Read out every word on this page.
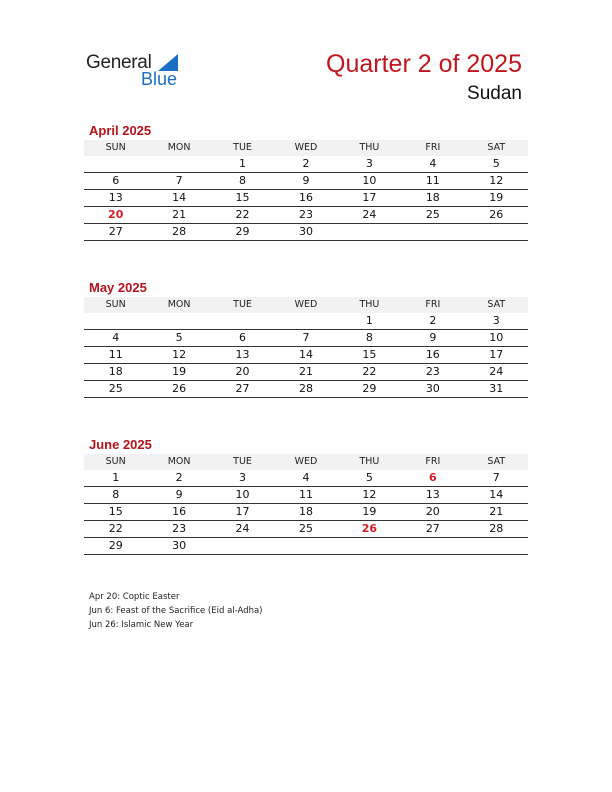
General
Blue
Quarter 2 of 2025
Sudan
April 2025
SUN	MON	TUE	WED	THU	FRI	SAT
		1	2	3	4	5
6	7	8	9	10	11	12
13	14	15	16	17	18	19
20	21	22	23	24	25	26
27	28	29	30			
May 2025
SUN	MON	TUE	WED	THU	FRI	SAT
				1	2	3
4	5	6	7	8	9	10
11	12	13	14	15	16	17
18	19	20	21	22	23	24
25	26	27	28	29	30	31
June 2025
SUN	MON	TUE	WED	THU	FRI	SAT
1	2	3	4	5	6	7
8	9	10	11	12	13	14
15	16	17	18	19	20	21
22	23	24	25	26	27	28
29	30					
Apr 20: Coptic Easter
Jun 6: Feast of the Sacrifice (Eid al-Adha)
Jun 26: Islamic New Year
